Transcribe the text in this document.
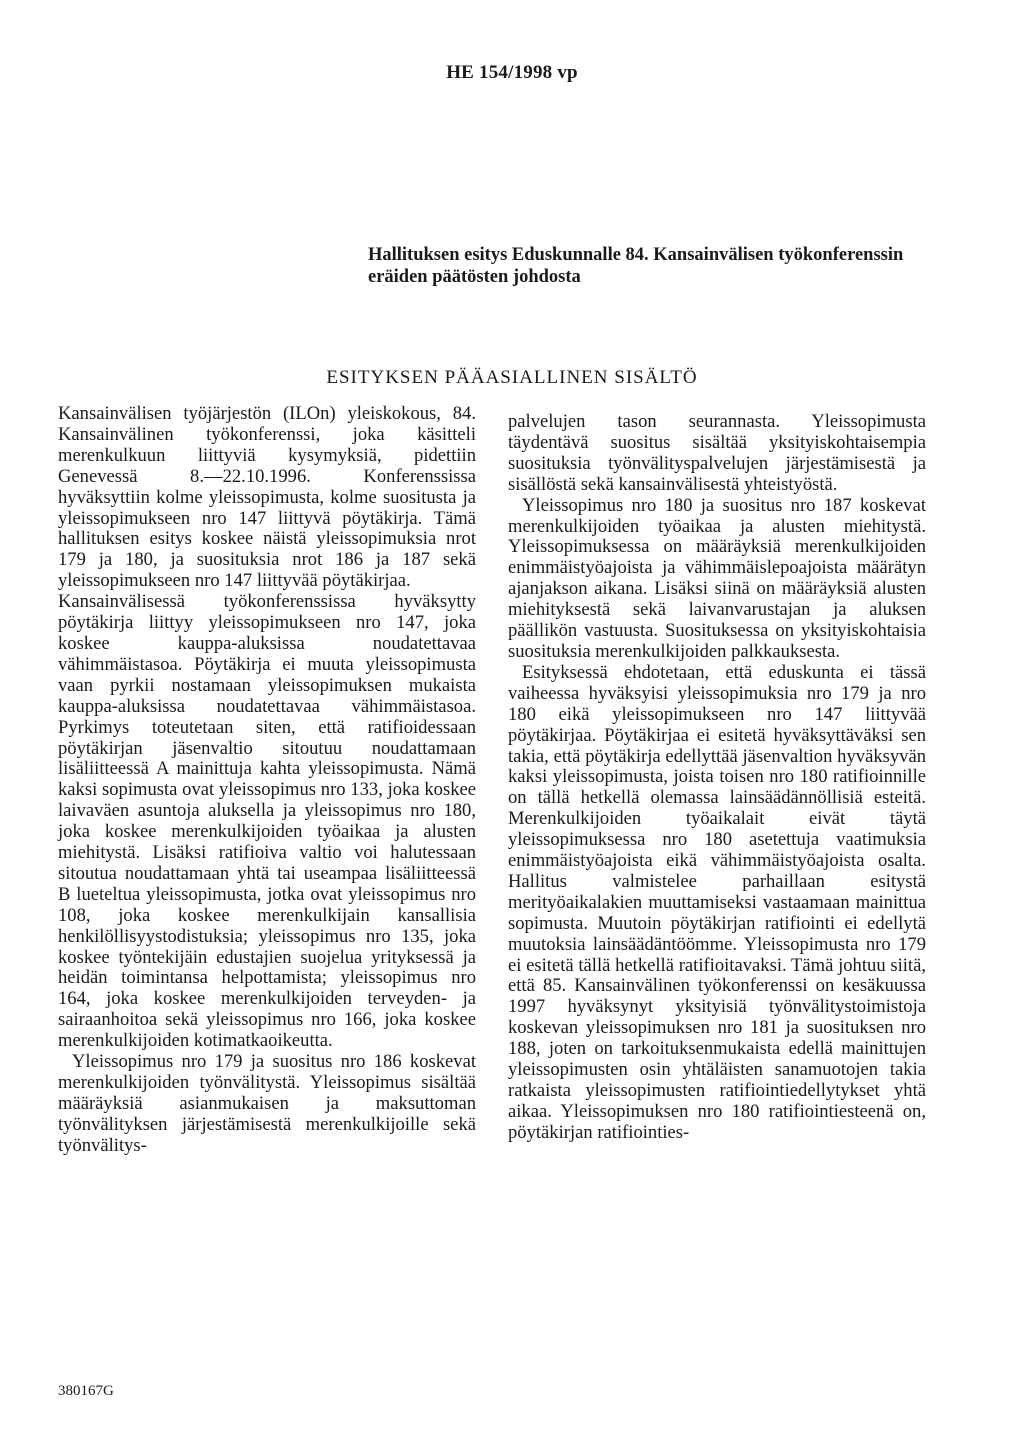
HE 154/1998 vp
Hallituksen esitys Eduskunnalle 84. Kansainvälisen työkonferenssin eräiden päätösten johdosta
ESITYKSEN PÄÄASIALLINEN SISÄLTÖ

Kansainvälisen työjärjestön (ILOn) yleiskokous, 84. Kansainvälinen työkonferenssi, joka käsitteli merenkulkuun liittyviä kysymyksiä, pidettiin Genevessä 8.—22.10.1996. Konferenssissa hyväksyttiin kolme yleissopimusta, kolme suositusta ja yleissopimukseen nro 147 liittyvä pöytäkirja. Tämä hallituksen esitys koskee näistä yleissopimuksia nrot 179 ja 180, ja suosituksia nrot 186 ja 187 sekä yleissopimukseen nro 147 liittyvää pöytäkirjaa.

Kansainvälisessä työkonferenssissa hyväksytty pöytäkirja liittyy yleissopimukseen nro 147, joka koskee kauppa-aluksissa noudatettavaa vähimmäistasoa. Pöytäkirja ei muuta yleissopimusta vaan pyrkii nostamaan yleissopimuksen mukaista kauppa-aluksissa noudatettavaa vähimmäistasoa. Pyrkimys toteutetaan siten, että ratifioidessaan pöytäkirjan jäsenvaltio sitoutuu noudattamaan lisäliitteessä A mainittuja kahta yleissopimusta. Nämä kaksi sopimusta ovat yleissopimus nro 133, joka koskee laivaväen asuntoja aluksella ja yleissopimus nro 180, joka koskee merenkulkijoiden työaikaa ja alusten miehitystä. Lisäksi ratifioiva valtio voi halutessaan sitoutua noudattamaan yhtä tai useampaa lisäliitteessä B lueteltua yleissopimusta, jotka ovat yleissopimus nro 108, joka koskee merenkulkijain kansallisia henkilöllisyystodistuksia; yleissopimus nro 135, joka koskee työntekijäin edustajien suojelua yrityksessä ja heidän toimintansa helpottamista; yleissopimus nro 164, joka koskee merenkulkijoiden terveyden- ja sairaanhoitoa sekä yleissopimus nro 166, joka koskee merenkulkijoiden kotimatkaoikeutta.

Yleissopimus nro 179 ja suositus nro 186 koskevat merenkulkijoiden työnvälitystä. Yleissopimus sisältää määräyksiä asianmukaisen ja maksuttoman työnvälityksen järjestämisestä merenkulkijoille sekä työnvälitys-

palvelujen tason seurannasta. Yleissopimusta täydentävä suositus sisältää yksityiskohtaisempia suosituksia työnvälityspalvelujen järjestämisestä ja sisällöstä sekä kansainvälisestä yhteistyöstä.

Yleissopimus nro 180 ja suositus nro 187 koskevat merenkulkijoiden työaikaa ja alusten miehitystä. Yleissopimuksessa on määräyksiä merenkulkijoiden enimmäistyöajoista ja vähimmäislepoajoista määrätyn ajanjakson aikana. Lisäksi siinä on määräyksiä alusten miehityksestä sekä laivanvarustajan ja aluksen päällikön vastuusta. Suosituksessa on yksityiskohtaisia suosituksia merenkulkijoiden palkkauksesta.

Esityksessä ehdotetaan, että eduskunta ei tässä vaiheessa hyväksyisi yleissopimuksia nro 179 ja nro 180 eikä yleissopimukseen nro 147 liittyvää pöytäkirjaa. Pöytäkirjaa ei esitetä hyväksyttäväksi sen takia, että pöytäkirja edellyttää jäsenvaltion hyväksyvän kaksi yleissopimusta, joista toisen nro 180 ratifioinnille on tällä hetkellä olemassa lainsäädännöllisiä esteitä. Merenkulkijoiden työaikalait eivät täytä yleissopimuksessa nro 180 asetettuja vaatimuksia enimmäistyöajoista eikä vähimmäistyöajoista osalta. Hallitus valmistelee parhaillaan esitystä merityöaikalakien muuttamiseksi vastaamaan mainittua sopimusta. Muutoin pöytäkirjan ratifiointi ei edellytä muutoksia lainsäädäntöömme. Yleissopimusta nro 179 ei esitetä tällä hetkellä ratifioitavaksi. Tämä johtuu siitä, että 85. Kansainvälinen työkonferenssi on kesäkuussa 1997 hyväksynyt yksityisiä työnvälitystoimistoja koskevan yleissopimuksen nro 181 ja suosituksen nro 188, joten on tarkoituksenmukaista edellä mainittujen yleissopimusten osin yhtäläisten sanamuotojen takia ratkaista yleissopimusten ratifiointiedellytykset yhtä aikaa. Yleissopimuksen nro 180 ratifiointiesteenä on, pöytäkirjan ratifiointies-

380167G
